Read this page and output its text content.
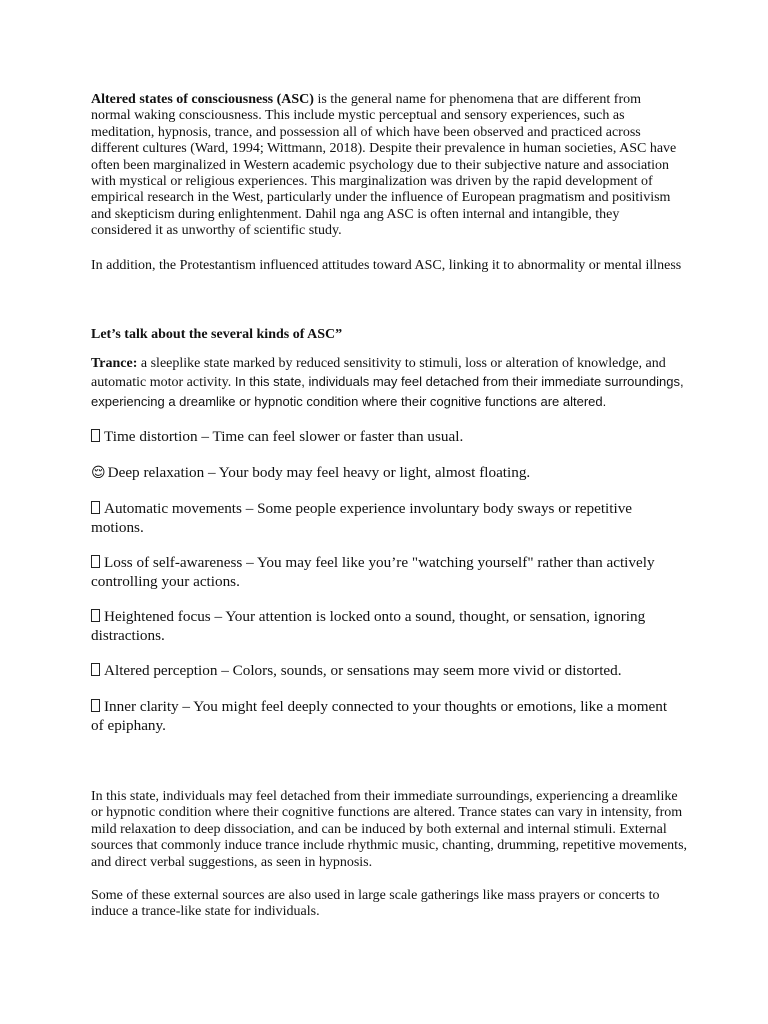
Altered states of consciousness (ASC) is the general name for phenomena that are different from normal waking consciousness. This include mystic perceptual and sensory experiences, such as meditation, hypnosis, trance, and possession all of which have been observed and practiced across different cultures (Ward, 1994; Wittmann, 2018). Despite their prevalence in human societies, ASC have often been marginalized in Western academic psychology due to their subjective nature and association with mystical or religious experiences. This marginalization was driven by the rapid development of empirical research in the West, particularly under the influence of European pragmatism and positivism and skepticism during enlightenment. Dahil nga ang ASC is often internal and intangible, they considered it as unworthy of scientific study.

In addition, the Protestantism influenced attitudes toward ASC, linking it to abnormality or mental illness

Let’s talk about the several kinds of ASC”

Trance: a sleeplike state marked by reduced sensitivity to stimuli, loss or alteration of knowledge, and automatic motor activity. In this state, individuals may feel detached from their immediate surroundings, experiencing a dreamlike or hypnotic condition where their cognitive functions are altered.

Time distortion – Time can feel slower or faster than usual.

😌 Deep relaxation – Your body may feel heavy or light, almost floating.

Automatic movements – Some people experience involuntary body sways or repetitive motions.

Loss of self-awareness – You may feel like you’re "watching yourself" rather than actively controlling your actions.

Heightened focus – Your attention is locked onto a sound, thought, or sensation, ignoring distractions.

Altered perception – Colors, sounds, or sensations may seem more vivid or distorted.

Inner clarity – You might feel deeply connected to your thoughts or emotions, like a moment of epiphany.

In this state, individuals may feel detached from their immediate surroundings, experiencing a dreamlike or hypnotic condition where their cognitive functions are altered. Trance states can vary in intensity, from mild relaxation to deep dissociation, and can be induced by both external and internal stimuli. External sources that commonly induce trance include rhythmic music, chanting, drumming, repetitive movements, and direct verbal suggestions, as seen in hypnosis.

Some of these external sources are also used in large scale gatherings like mass prayers or concerts to induce a trance-like state for individuals.
